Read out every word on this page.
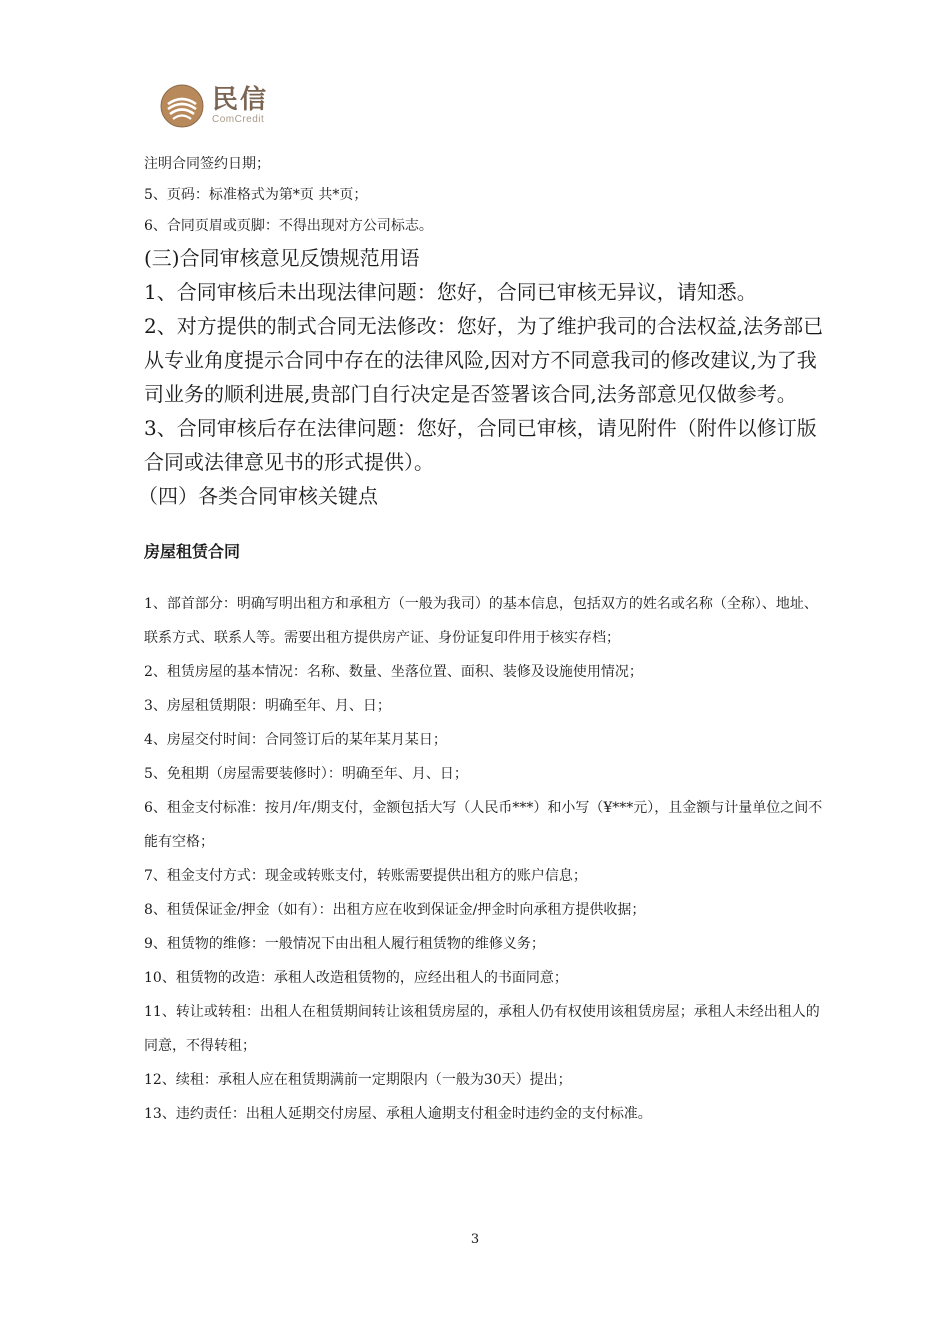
民信
ComCredit

注明合同签约日期；

5、页码：标准格式为第*页 共*页；

6、合同页眉或页脚：不得出现对方公司标志。

(三)合同审核意见反馈规范用语

1、合同审核后未出现法律问题：您好，合同已审核无异议，请知悉。

2、对方提供的制式合同无法修改：您好，为了维护我司的合法权益,法务部已从专业角度提示合同中存在的法律风险,因对方不同意我司的修改建议,为了我司业务的顺利进展,贵部门自行决定是否签署该合同,法务部意见仅做参考。

3、合同审核后存在法律问题：您好，合同已审核，请见附件（附件以修订版合同或法律意见书的形式提供）。

（四）各类合同审核关键点

房屋租赁合同

1、部首部分：明确写明出租方和承租方（一般为我司）的基本信息，包括双方的姓名或名称（全称）、地址、联系方式、联系人等。需要出租方提供房产证、身份证复印件用于核实存档；

2、租赁房屋的基本情况：名称、数量、坐落位置、面积、装修及设施使用情况；

3、房屋租赁期限：明确至年、月、日；

4、房屋交付时间：合同签订后的某年某月某日；

5、免租期（房屋需要装修时）：明确至年、月、日；

6、租金支付标准：按月/年/期支付，金额包括大写（人民币***）和小写（¥***元），且金额与计量单位之间不能有空格；

7、租金支付方式：现金或转账支付，转账需要提供出租方的账户信息；

8、租赁保证金/押金（如有）：出租方应在收到保证金/押金时向承租方提供收据；

9、租赁物的维修：一般情况下由出租人履行租赁物的维修义务；

10、租赁物的改造：承租人改造租赁物的，应经出租人的书面同意；

11、转让或转租：出租人在租赁期间转让该租赁房屋的，承租人仍有权使用该租赁房屋；承租人未经出租人的同意，不得转租；

12、续租：承租人应在租赁期满前一定期限内（一般为30天）提出；

13、违约责任：出租人延期交付房屋、承租人逾期支付租金时违约金的支付标准。

3
